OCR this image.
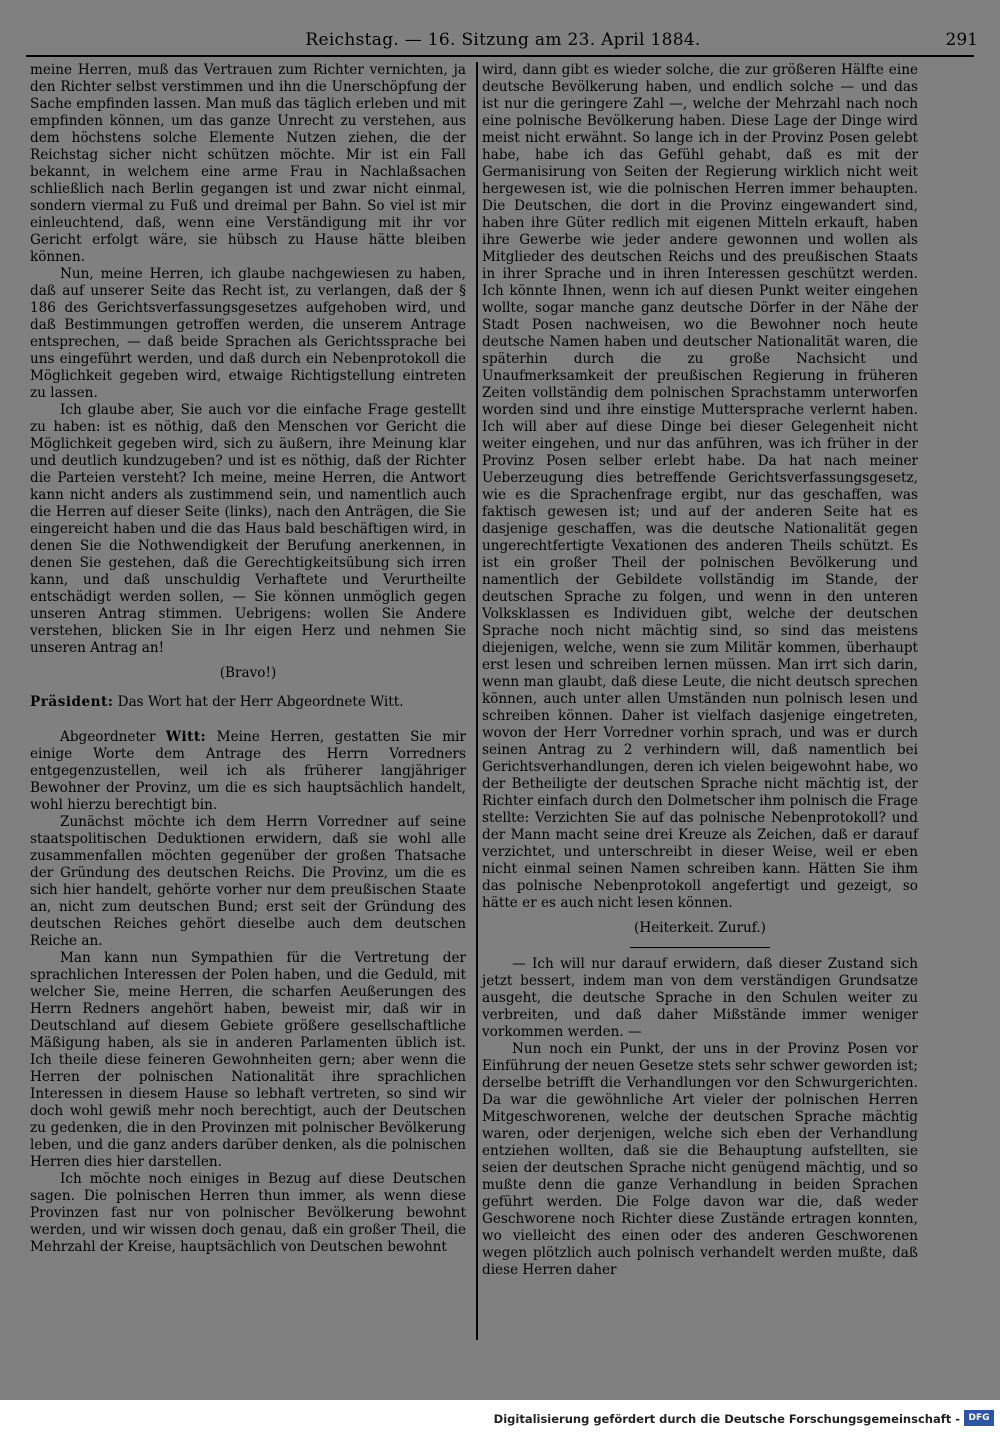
Reichstag. — 16. Sitzung am 23. April 1884.	291

meine Herren, muß das Vertrauen zum Richter vernichten, ja den Richter selbst verstimmen und ihn die Unerschöpfung der Sache empfinden lassen. Man muß das täglich erleben und mit empfinden können, um das ganze Unrecht zu verstehen, aus dem höchstens solche Elemente Nutzen ziehen, die der Reichstag sicher nicht schützen möchte. Mir ist ein Fall bekannt, in welchem eine arme Frau in Nachlaßsachen schließlich nach Berlin gegangen ist und zwar nicht einmal, sondern viermal zu Fuß und dreimal per Bahn. So viel ist mir einleuchtend, daß, wenn eine Verständigung mit ihr vor Gericht erfolgt wäre, sie hübsch zu Hause hätte bleiben können.

Nun, meine Herren, ich glaube nachgewiesen zu haben, daß auf unserer Seite das Recht ist, zu verlangen, daß der § 186 des Gerichtsverfassungsgesetzes aufgehoben wird, und daß Bestimmungen getroffen werden, die unserem Antrage entsprechen, — daß beide Sprachen als Gerichtssprache bei uns eingeführt werden, und daß durch ein Nebenprotokoll die Möglichkeit gegeben wird, etwaige Richtigstellung eintreten zu lassen.

Ich glaube aber, Sie auch vor die einfache Frage gestellt zu haben: ist es nöthig, daß den Menschen vor Gericht die Möglichkeit gegeben wird, sich zu äußern, ihre Meinung klar und deutlich kundzugeben? und ist es nöthig, daß der Richter die Parteien versteht? Ich meine, meine Herren, die Antwort kann nicht anders als zustimmend sein, und namentlich auch die Herren auf dieser Seite (links), nach den Anträgen, die Sie eingereicht haben und die das Haus bald beschäftigen wird, in denen Sie die Nothwendigkeit der Berufung anerkennen, in denen Sie gestehen, daß die Gerechtigkeitsübung sich irren kann, und daß unschuldig Verhaftete und Verurtheilte entschädigt werden sollen, — Sie können unmöglich gegen unseren Antrag stimmen. Uebrigens: wollen Sie Andere verstehen, blicken Sie in Ihr eigen Herz und nehmen Sie unseren Antrag an!

(Bravo!)

Präsident: Das Wort hat der Herr Abgeordnete Witt.

Abgeordneter Witt: Meine Herren, gestatten Sie mir einige Worte dem Antrage des Herrn Vorredners entgegenzustellen, weil ich als früherer langjähriger Bewohner der Provinz, um die es sich hauptsächlich handelt, wohl hierzu berechtigt bin.

Zunächst möchte ich dem Herrn Vorredner auf seine staatspolitischen Deduktionen erwidern, daß sie wohl alle zusammenfallen möchten gegenüber der großen Thatsache der Gründung des deutschen Reichs. Die Provinz, um die es sich hier handelt, gehörte vorher nur dem preußischen Staate an, nicht zum deutschen Bund; erst seit der Gründung des deutschen Reiches gehört dieselbe auch dem deutschen Reiche an.

Man kann nun Sympathien für die Vertretung der sprachlichen Interessen der Polen haben, und die Geduld, mit welcher Sie, meine Herren, die scharfen Aeußerungen des Herrn Redners angehört haben, beweist mir, daß wir in Deutschland auf diesem Gebiete größere gesellschaftliche Mäßigung haben, als sie in anderen Parlamenten üblich ist. Ich theile diese feineren Gewohnheiten gern; aber wenn die Herren der polnischen Nationalität ihre sprachlichen Interessen in diesem Hause so lebhaft vertreten, so sind wir doch wohl gewiß mehr noch berechtigt, auch der Deutschen zu gedenken, die in den Provinzen mit polnischer Bevölkerung leben, und die ganz anders darüber denken, als die polnischen Herren dies hier darstellen.

Ich möchte noch einiges in Bezug auf diese Deutschen sagen. Die polnischen Herren thun immer, als wenn diese Provinzen fast nur von polnischer Bevölkerung bewohnt werden, und wir wissen doch genau, daß ein großer Theil, die Mehrzahl der Kreise, hauptsächlich von Deutschen bewohnt

wird, dann gibt es wieder solche, die zur größeren Hälfte eine deutsche Bevölkerung haben, und endlich solche — und das ist nur die geringere Zahl —, welche der Mehrzahl nach noch eine polnische Bevölkerung haben. Diese Lage der Dinge wird meist nicht erwähnt. So lange ich in der Provinz Posen gelebt habe, habe ich das Gefühl gehabt, daß es mit der Germanisirung von Seiten der Regierung wirklich nicht weit hergewesen ist, wie die polnischen Herren immer behaupten. Die Deutschen, die dort in die Provinz eingewandert sind, haben ihre Güter redlich mit eigenen Mitteln erkauft, haben ihre Gewerbe wie jeder andere gewonnen und wollen als Mitglieder des deutschen Reichs und des preußischen Staats in ihrer Sprache und in ihren Interessen geschützt werden. Ich könnte Ihnen, wenn ich auf diesen Punkt weiter eingehen wollte, sogar manche ganz deutsche Dörfer in der Nähe der Stadt Posen nachweisen, wo die Bewohner noch heute deutsche Namen haben und deutscher Nationalität waren, die späterhin durch die zu große Nachsicht und Unaufmerksamkeit der preußischen Regierung in früheren Zeiten vollständig dem polnischen Sprachstamm unterworfen worden sind und ihre einstige Muttersprache verlernt haben. Ich will aber auf diese Dinge bei dieser Gelegenheit nicht weiter eingehen, und nur das anführen, was ich früher in der Provinz Posen selber erlebt habe. Da hat nach meiner Ueberzeugung dies betreffende Gerichtsverfassungsgesetz, wie es die Sprachenfrage ergibt, nur das geschaffen, was faktisch gewesen ist; und auf der anderen Seite hat es dasjenige geschaffen, was die deutsche Nationalität gegen ungerechtfertigte Vexationen des anderen Theils schützt. Es ist ein großer Theil der polnischen Bevölkerung und namentlich der Gebildete vollständig im Stande, der deutschen Sprache zu folgen, und wenn in den unteren Volksklassen es Individuen gibt, welche der deutschen Sprache noch nicht mächtig sind, so sind das meistens diejenigen, welche, wenn sie zum Militär kommen, überhaupt erst lesen und schreiben lernen müssen. Man irrt sich darin, wenn man glaubt, daß diese Leute, die nicht deutsch sprechen können, auch unter allen Umständen nun polnisch lesen und schreiben können. Daher ist vielfach dasjenige eingetreten, wovon der Herr Vorredner vorhin sprach, und was er durch seinen Antrag zu 2 verhindern will, daß namentlich bei Gerichtsverhandlungen, deren ich vielen beigewohnt habe, wo der Betheiligte der deutschen Sprache nicht mächtig ist, der Richter einfach durch den Dolmetscher ihm polnisch die Frage stellte: Verzichten Sie auf das polnische Nebenprotokoll? und der Mann macht seine drei Kreuze als Zeichen, daß er darauf verzichtet, und unterschreibt in dieser Weise, weil er eben nicht einmal seinen Namen schreiben kann. Hätten Sie ihm das polnische Nebenprotokoll angefertigt und gezeigt, so hätte er es auch nicht lesen können.

(Heiterkeit. Zuruf.)

— Ich will nur darauf erwidern, daß dieser Zustand sich jetzt bessert, indem man von dem verständigen Grundsatze ausgeht, die deutsche Sprache in den Schulen weiter zu verbreiten, und daß daher Mißstände immer weniger vorkommen werden. —

Nun noch ein Punkt, der uns in der Provinz Posen vor Einführung der neuen Gesetze stets sehr schwer geworden ist; derselbe betrifft die Verhandlungen vor den Schwurgerichten. Da war die gewöhnliche Art vieler der polnischen Herren Mitgeschworenen, welche der deutschen Sprache mächtig waren, oder derjenigen, welche sich eben der Verhandlung entziehen wollten, daß sie die Behauptung aufstellten, sie seien der deutschen Sprache nicht genügend mächtig, und so mußte denn die ganze Verhandlung in beiden Sprachen geführt werden. Die Folge davon war die, daß weder Geschworene noch Richter diese Zustände ertragen konnten, wo vielleicht des einen oder des anderen Geschworenen wegen plötzlich auch polnisch verhandelt werden mußte, daß diese Herren daher

Digitalisierung gefördert durch die Deutsche Forschungsgemeinschaft - DFG
